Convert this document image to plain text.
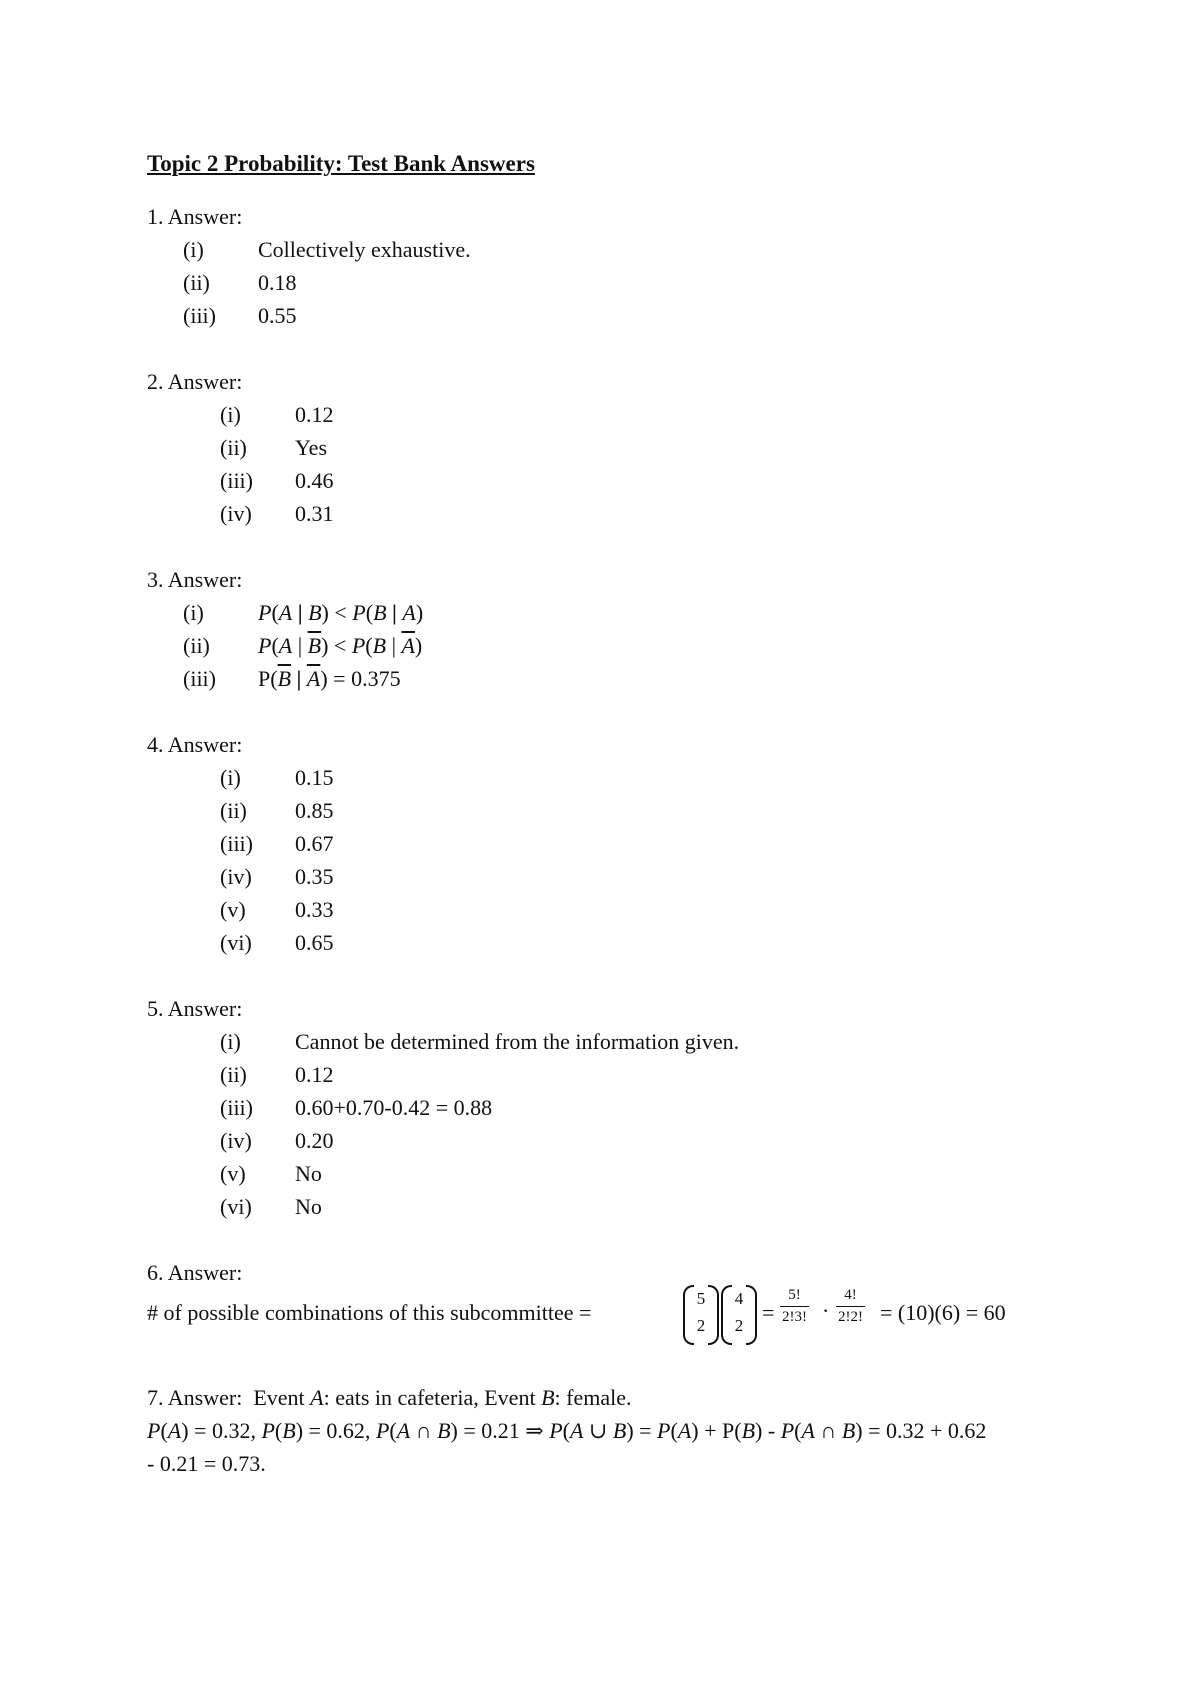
Topic 2 Probability: Test Bank Answers
1. Answer:
(i) Collectively exhaustive.
(ii) 0.18
(iii) 0.55
2. Answer:
(i) 0.12
(ii) Yes
(iii) 0.46
(iv) 0.31
3. Answer:
(i) P(A | B) < P(B | A)
(ii) P(A | $\overline{B}) < P(B$ | $\overline{A}$)
(iii) $P(\overline{B}$ | $\overline{A}) = 0.375$
4. Answer:
(i) 0.15
(ii) 0.85
(iii) 0.67
(iv) 0.35
(v) 0.33
(vi) 0.65
5. Answer:
(i) Cannot be determined from the information given.
(ii) 0.12
(iii) 0.60+0.70-0.42 = 0.88
(iv) 0.20
(v) No
(vi) No
6. Answer:
# of possible combinations of this subcommittee =
5
2
4
2
= $\frac{5!}{2!3!} \cdot \frac{4!}{2!2!} = (10)(6) = 60$
7. Answer:  Event A: eats in cafeteria, Event B: female.
P(A) = 0.32, P(B) = 0.62, P(A ∩ B) = 0.21 ⇒ P(A ∪ B) = P(A) + P(B) - P(A ∩ B) = 0.32 + 0.62
- 0.21 = 0.73.
